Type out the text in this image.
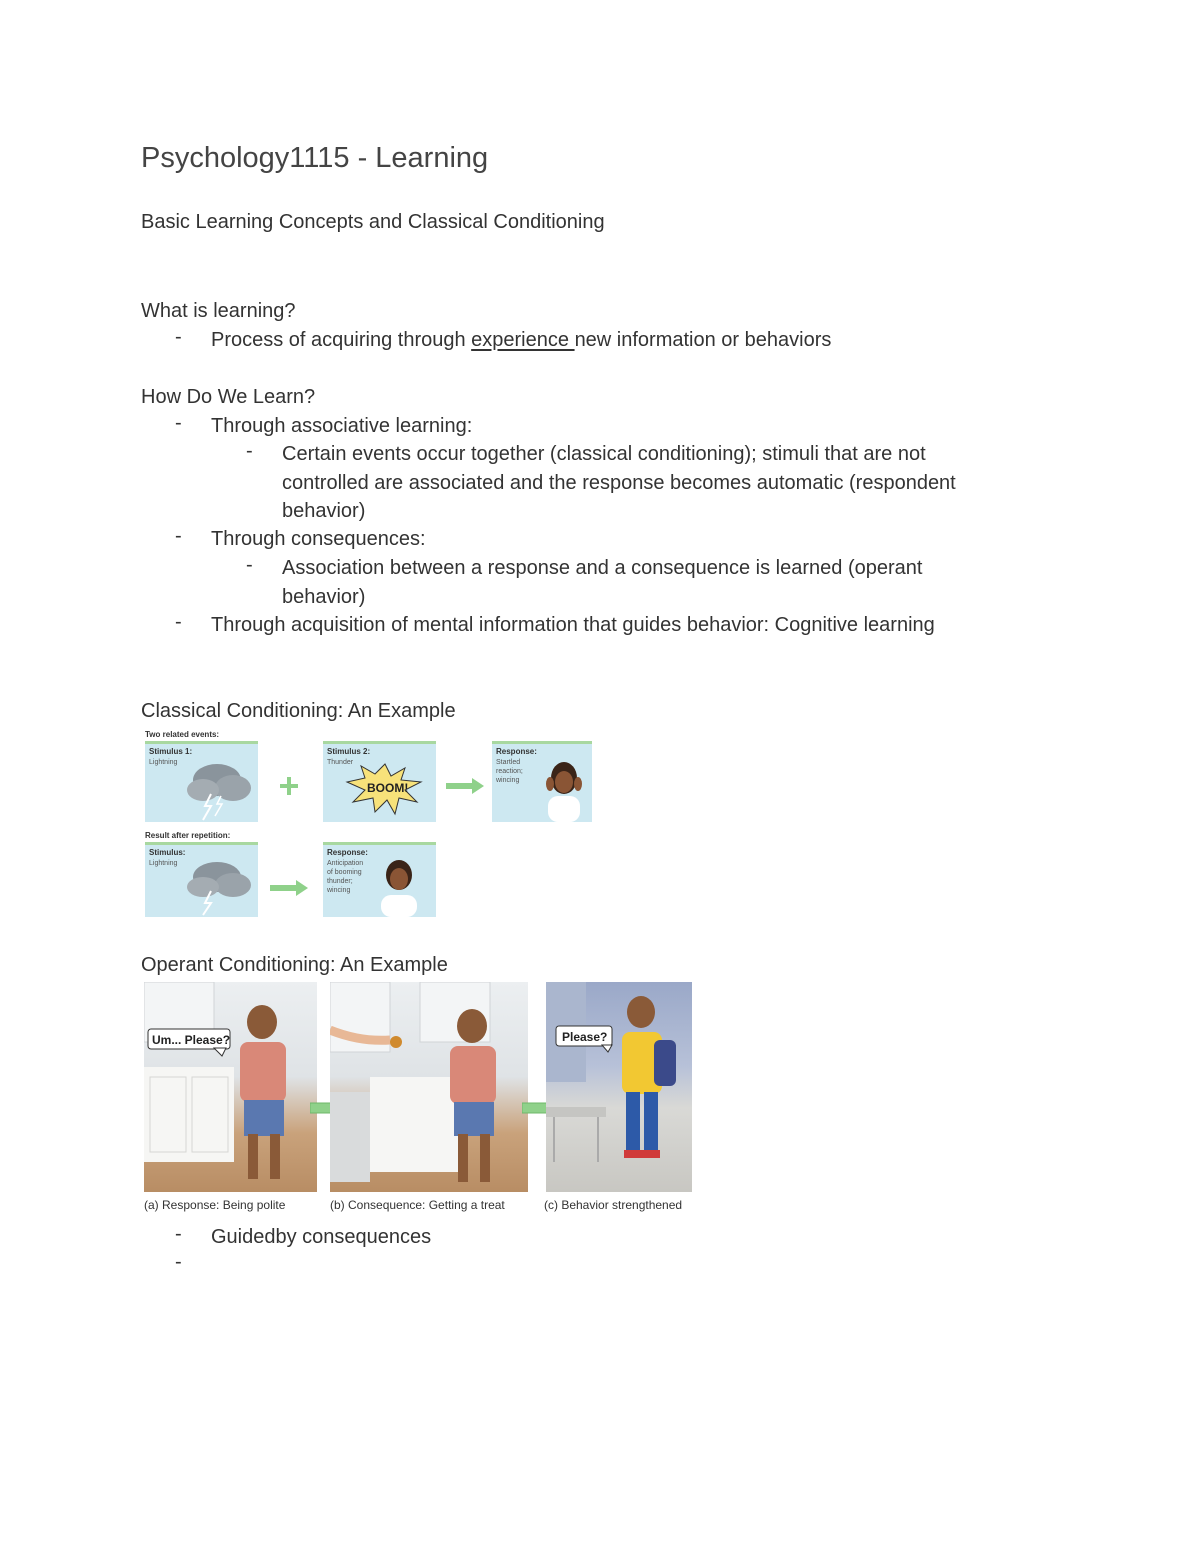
Psychology1115 - Learning
Basic Learning Concepts and Classical Conditioning
What is learning?
- Process of acquiring through experience new information or behaviors
How Do We Learn?
- Through associative learning:
- Certain events occur together (classical conditioning); stimuli that are not controlled are associated and the response becomes automatic (respondent behavior)
- Through consequences:
- Association between a response and a consequence is learned (operant behavior)
- Through acquisition of mental information that guides behavior: Cognitive learning
Classical Conditioning: An Example
Two related events:
Stimulus 1:
Lightning
Stimulus 2:
Thunder
BOOM!
Response:
Startled reaction; wincing
Result after repetition:
Stimulus:
Lightning
Response:
Anticipation of booming thunder; wincing
Operant Conditioning: An Example
Um... Please?	Please?
(a) Response: Being polite	(b) Consequence: Getting a treat	(c) Behavior strengthened
- Guidedby consequences
-
